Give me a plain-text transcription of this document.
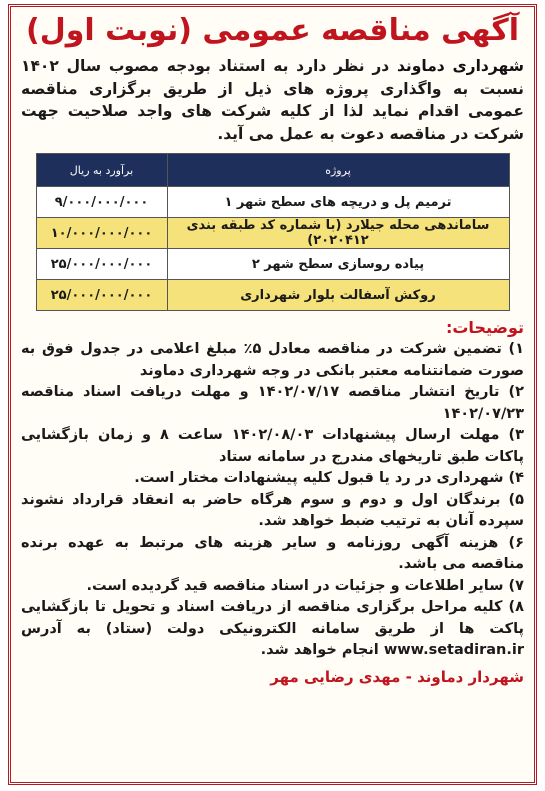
آگهی مناقصه عمومی (نوبت اول)

شهرداری دماوند در نظر دارد به استناد بودجه مصوب سال ۱۴۰۲ نسبت به واگذاری پروژه های ذیل از طریق برگزاری مناقصه عمومی اقدام نماید لذا از کلیه شرکت های واجد صلاحیت جهت شرکت در مناقصه دعوت به عمل می آید.

پروژه	برآورد به ریال
ترمیم پل و دریچه های سطح شهر ۱	۹/۰۰۰/۰۰۰/۰۰۰
ساماندهی محله جیلارد (با شماره کد طبقه بندی ۲۰۲۰۴۱۲)	۱۰/۰۰۰/۰۰۰/۰۰۰
پیاده روسازی سطح شهر ۲	۲۵/۰۰۰/۰۰۰/۰۰۰
روکش آسفالت بلوار شهرداری	۲۵/۰۰۰/۰۰۰/۰۰۰
توضیحات:
۱) تضمین شرکت در مناقصه معادل ۵٪ مبلغ اعلامی در جدول فوق به صورت ضمانتنامه معتبر بانکی در وجه شهرداری دماوند
۲) تاریخ انتشار مناقصه ۱۴۰۲/۰۷/۱۷ و مهلت دریافت اسناد مناقصه ۱۴۰۲/۰۷/۲۳
۳) مهلت ارسال پیشنهادات ۱۴۰۲/۰۸/۰۳ ساعت ۸ و زمان بازگشایی پاکات طبق تاریخهای مندرج در سامانه ستاد
۴) شهرداری در رد یا قبول کلیه پیشنهادات مختار است.
۵) برندگان اول و دوم و سوم هرگاه حاضر به انعقاد قرارداد نشوند سپرده آنان به ترتیب ضبط خواهد شد.
۶) هزینه آگهی روزنامه و سایر هزینه های مرتبط به عهده برنده مناقصه می باشد.
۷) سایر اطلاعات و جزئیات در اسناد مناقصه قید گردیده است.
۸) کلیه مراحل برگزاری مناقصه از دریافت اسناد و تحویل تا بازگشایی پاکت ها از طریق سامانه الکترونیکی دولت (ستاد) به آدرس www.setadiran.ir انجام خواهد شد.
شهردار دماوند - مهدی رضایی مهر
